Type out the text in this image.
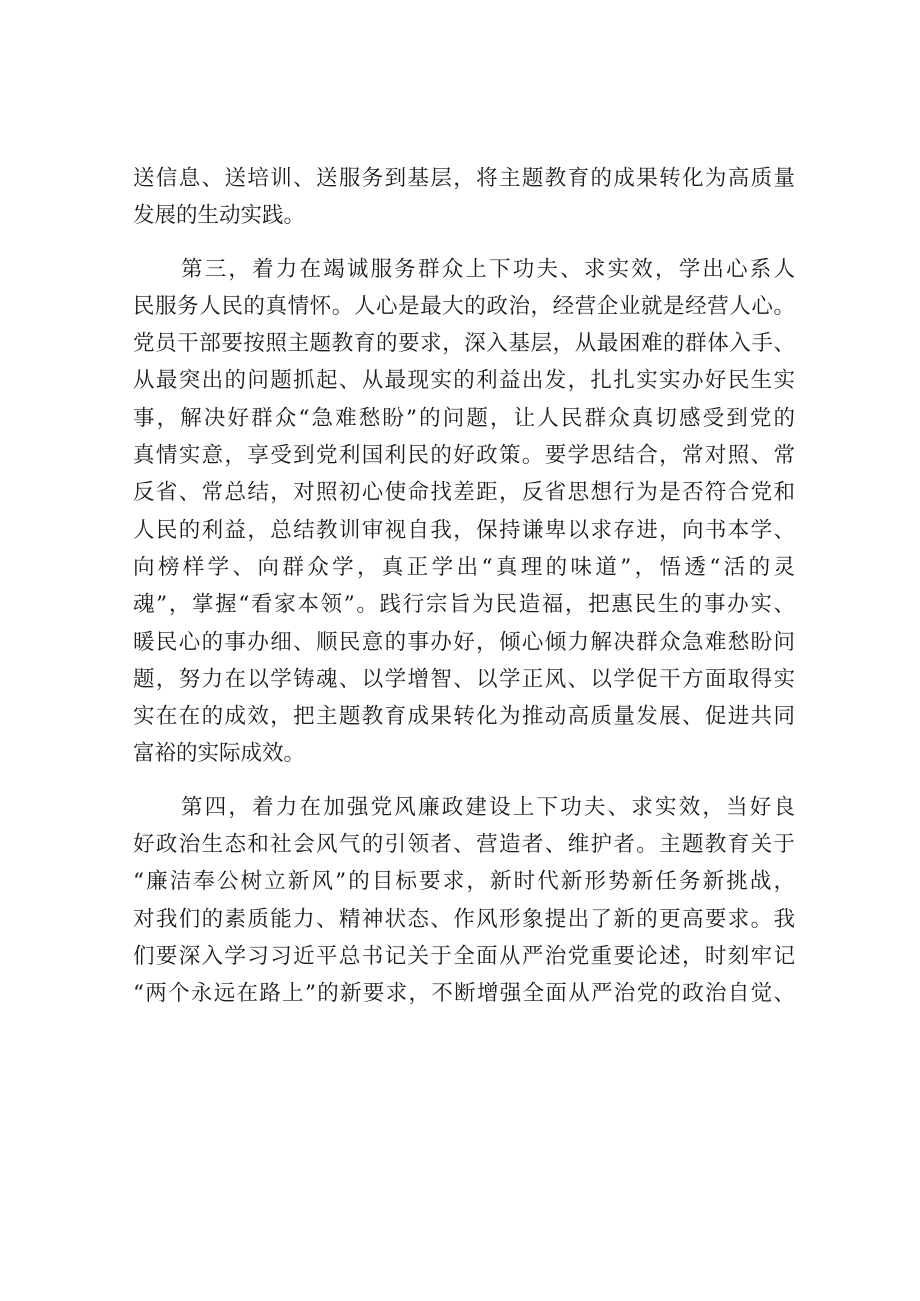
送信息、送培训、送服务到基层，将主题教育的成果转化为高质量
发展的生动实践。
第三，着力在竭诚服务群众上下功夫、求实效，学出心系人
民服务人民的真情怀。人心是最大的政治，经营企业就是经营人心。
党员干部要按照主题教育的要求，深入基层，从最困难的群体入手、
从最突出的问题抓起、从最现实的利益出发，扎扎实实办好民生实
事，解决好群众“急难愁盼”的问题，让人民群众真切感受到党的
真情实意，享受到党利国利民的好政策。要学思结合，常对照、常
反省、常总结，对照初心使命找差距，反省思想行为是否符合党和
人民的利益，总结教训审视自我，保持谦卑以求存进，向书本学、
向榜样学、向群众学，真正学出“真理的味道”，悟透“活的灵
魂”，掌握“看家本领”。践行宗旨为民造福，把惠民生的事办实、
暖民心的事办细、顺民意的事办好，倾心倾力解决群众急难愁盼问
题，努力在以学铸魂、以学增智、以学正风、以学促干方面取得实
实在在的成效，把主题教育成果转化为推动高质量发展、促进共同
富裕的实际成效。
第四，着力在加强党风廉政建设上下功夫、求实效，当好良
好政治生态和社会风气的引领者、营造者、维护者。主题教育关于
“廉洁奉公树立新风”的目标要求，新时代新形势新任务新挑战，
对我们的素质能力、精神状态、作风形象提出了新的更高要求。我
们要深入学习习近平总书记关于全面从严治党重要论述，时刻牢记
“两个永远在路上”的新要求，不断增强全面从严治党的政治自觉、
